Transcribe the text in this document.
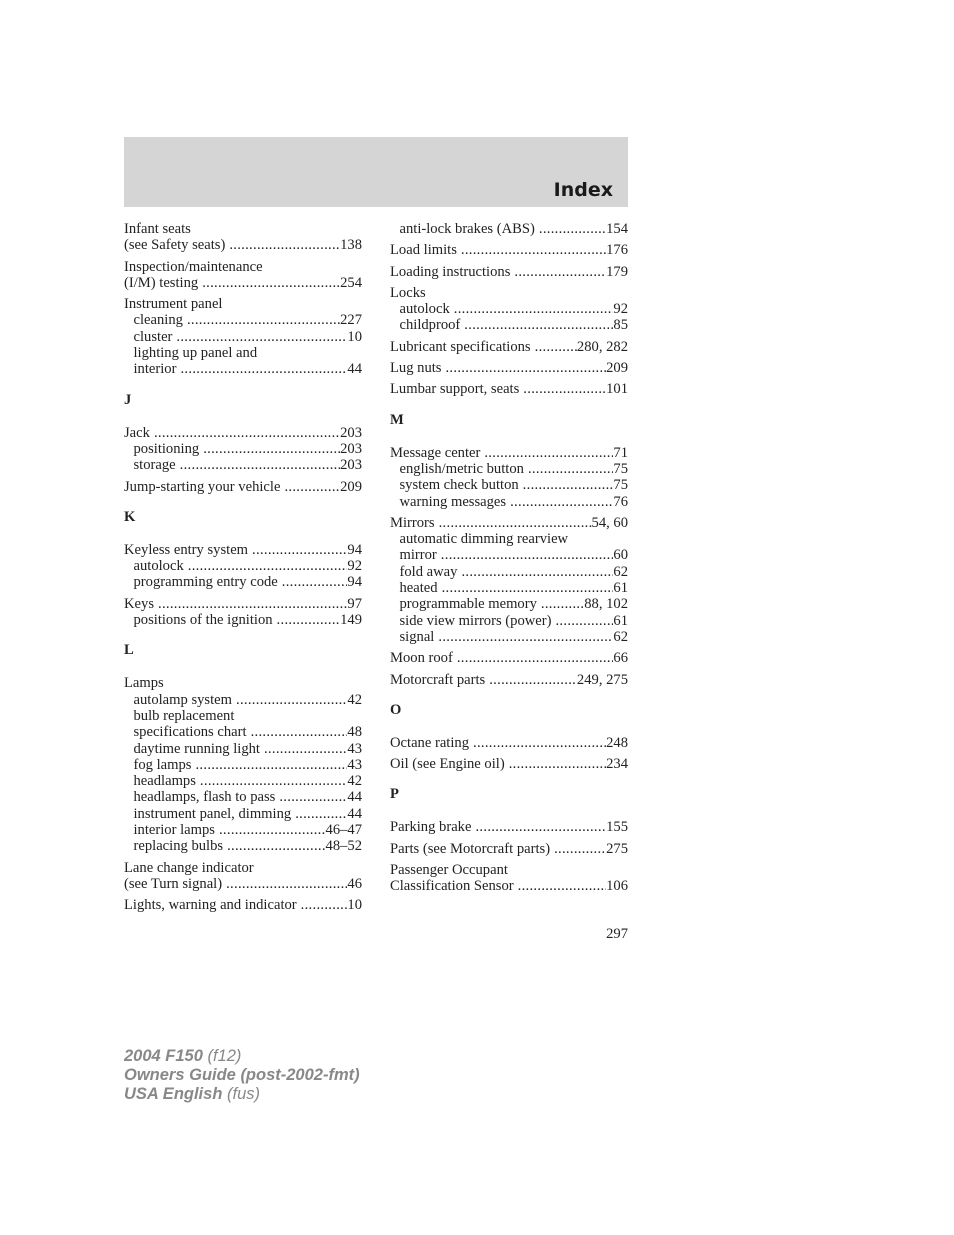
Index
Infant seats
(see Safety seats) .....	138
Inspection/maintenance
(I/M) testing .....	254
Instrument panel
cleaning .....	227
cluster .....	10
lighting up panel and
interior .....	44
J
Jack .....	203
positioning .....	203
storage .....	203
Jump-starting your vehicle .....	209
K
Keyless entry system .....	94
autolock .....	92
programming entry code .....	94
Keys .....	97
positions of the ignition .....	149
L
Lamps
autolamp system .....	42
bulb replacement
specifications chart .....	48
daytime running light .....	43
fog lamps .....	43
headlamps .....	42
headlamps, flash to pass .....	44
instrument panel, dimming .....	44
interior lamps .....	46–47
replacing bulbs .....	48–52
Lane change indicator
(see Turn signal) .....	46
Lights, warning and indicator .....	10
anti-lock brakes (ABS) .....	154
Load limits .....	176
Loading instructions .....	179
Locks
autolock .....	92
childproof .....	85
Lubricant specifications .....	280, 282
Lug nuts .....	209
Lumbar support, seats .....	101
M
Message center .....	71
english/metric button .....	75
system check button .....	75
warning messages .....	76
Mirrors .....	54, 60
automatic dimming rearview
mirror .....	60
fold away .....	62
heated .....	61
programmable memory .....	88, 102
side view mirrors (power) .....	61
signal .....	62
Moon roof .....	66
Motorcraft parts .....	249, 275
O
Octane rating .....	248
Oil (see Engine oil) .....	234
P
Parking brake .....	155
Parts (see Motorcraft parts) .....	275
Passenger Occupant
Classification Sensor .....	106
297
2004 F150 (f12)
Owners Guide (post-2002-fmt)
USA English (fus)
